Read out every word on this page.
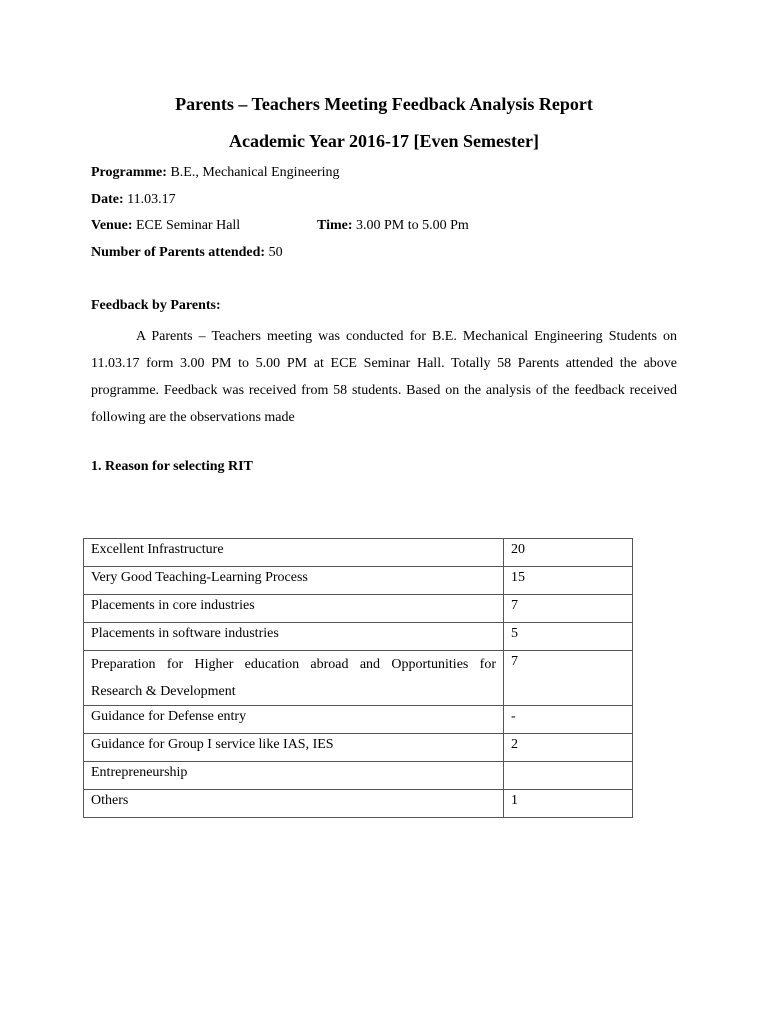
Parents – Teachers Meeting Feedback Analysis Report
Academic Year 2016-17 [Even Semester]
Programme: B.E., Mechanical Engineering
Date: 11.03.17
Venue: ECE Seminar Hall	Time: 3.00 PM to 5.00 Pm
Number of Parents attended: 50
Feedback by Parents:
A Parents – Teachers meeting was conducted for B.E. Mechanical Engineering Students on 11.03.17 form 3.00 PM to 5.00 PM at ECE Seminar Hall. Totally 58 Parents attended the above programme. Feedback was received from 58 students. Based on the analysis of the feedback received following are the observations made
1. Reason for selecting RIT
Excellent Infrastructure	20
Very Good Teaching-Learning Process	15
Placements in core industries	7
Placements in software industries	5
Preparation for Higher education abroad and Opportunities for Research & Development	7
Guidance for Defense entry	-
Guidance for Group I service like IAS, IES	2
Entrepreneurship	
Others	1
